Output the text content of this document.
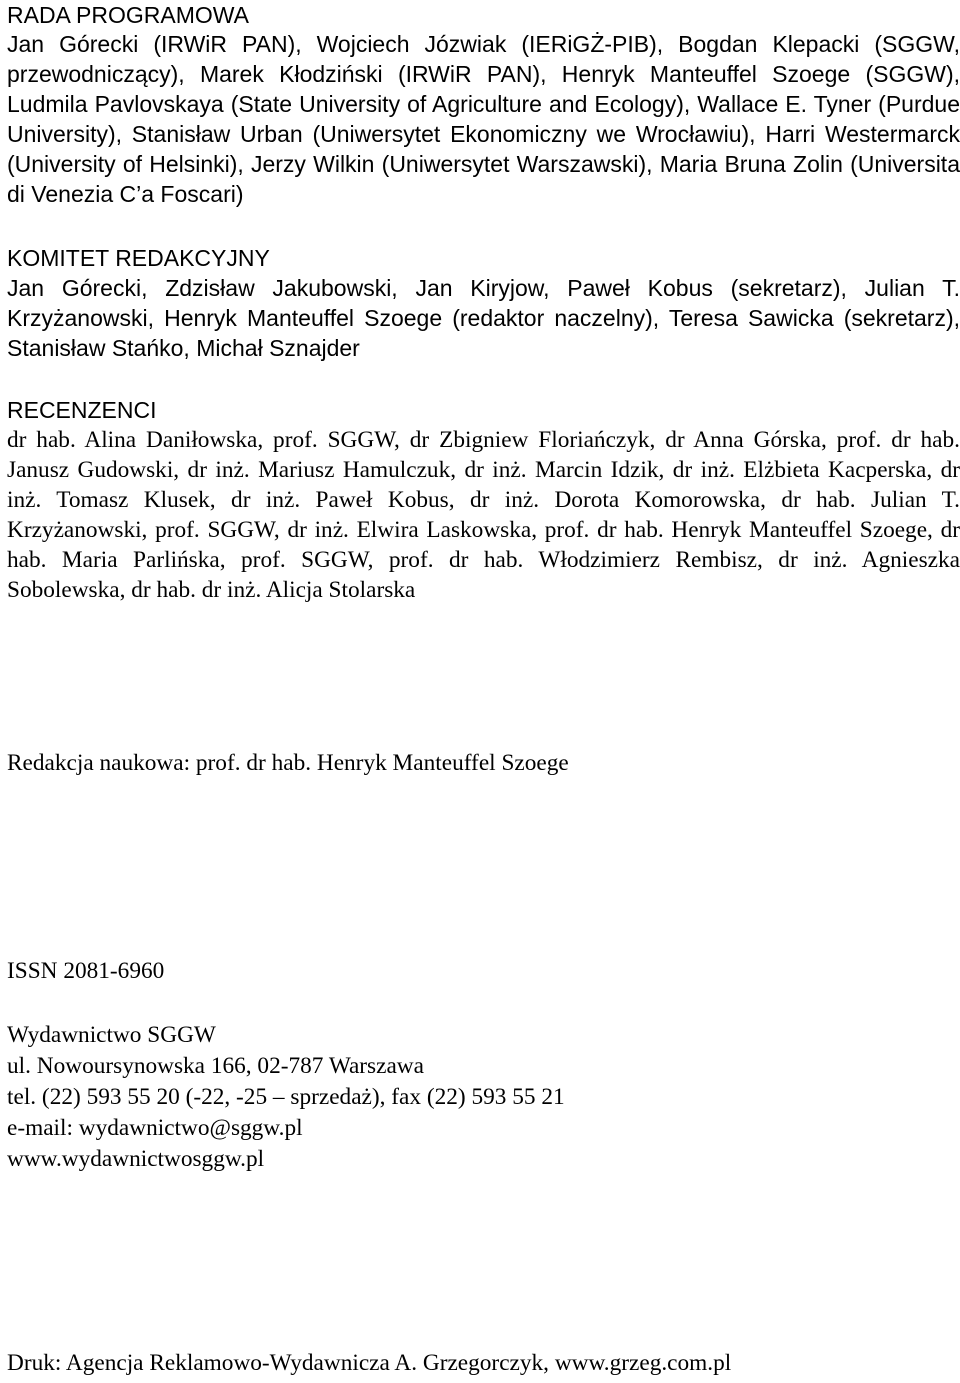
RADA PROGRAMOWA

Jan Górecki (IRWiR PAN), Wojciech Józwiak (IERiGŻ-PIB), Bogdan Klepacki (SGGW, przewodniczący), Marek Kłodziński (IRWiR PAN), Henryk Manteuffel Szoege (SGGW), Ludmila Pavlovskaya (State University of Agriculture and Ecology), Wallace E. Tyner (Purdue University), Stanisław Urban (Uniwersytet Ekonomiczny we Wrocławiu), Harri Westermarck (University of Helsinki), Jerzy Wilkin (Uniwersytet Warszawski), Maria Bruna Zolin (Universita di Venezia C’a Foscari)

KOMITET REDAKCYJNY

Jan Górecki, Zdzisław Jakubowski, Jan Kiryjow, Paweł Kobus (sekretarz), Julian T. Krzyżanowski, Henryk Manteuffel Szoege (redaktor naczelny), Teresa Sawicka (sekretarz), Stanisław Stańko, Michał Sznajder

RECENZENCI

dr hab. Alina Daniłowska, prof. SGGW, dr Zbigniew Floriańczyk, dr Anna Górska, prof. dr hab. Janusz Gudowski, dr inż. Mariusz Hamulczuk, dr inż. Marcin Idzik, dr inż. Elżbieta Kacperska, dr inż. Tomasz Klusek, dr inż. Paweł Kobus, dr inż. Dorota Komorowska, dr hab. Julian T. Krzyżanowski, prof. SGGW, dr inż. Elwira Laskowska, prof. dr hab. Henryk Manteuffel Szoege, dr hab. Maria Parlińska, prof. SGGW, prof. dr hab. Włodzimierz Rembisz, dr inż. Agnieszka Sobolewska, dr hab. dr inż. Alicja Stolarska

Redakcja naukowa: prof. dr hab. Henryk Manteuffel Szoege
ISSN 2081-6960
Wydawnictwo SGGW
ul. Nowoursynowska 166, 02-787 Warszawa
tel. (22) 593 55 20 (-22, -25 – sprzedaż), fax (22) 593 55 21
e-mail: wydawnictwo@sggw.pl
www.wydawnictwosggw.pl
Druk: Agencja Reklamowo-Wydawnicza A. Grzegorczyk, www.grzeg.com.pl
